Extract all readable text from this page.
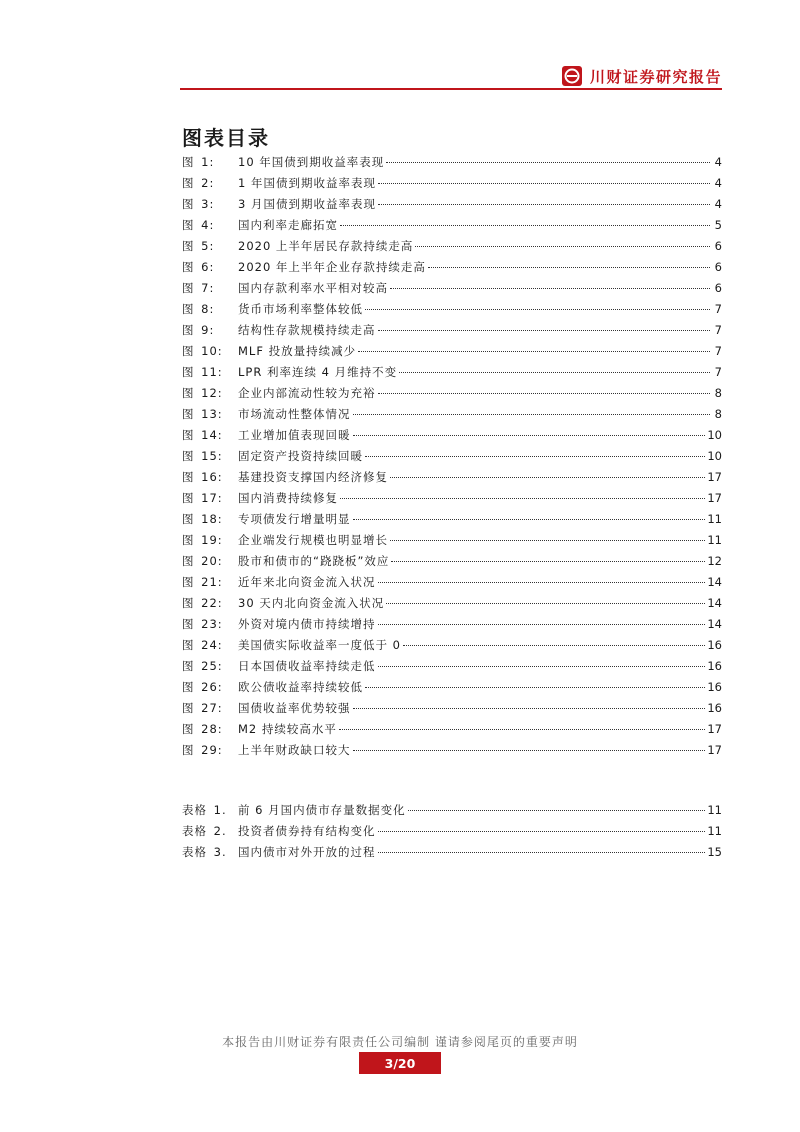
川财证券研究报告
图表目录
图 1:	10 年国债到期收益率表现	4
图 2:	1 年国债到期收益率表现	4
图 3:	3 月国债到期收益率表现	4
图 4:	国内利率走廊拓宽	5
图 5:	2020 上半年居民存款持续走高	6
图 6:	2020 年上半年企业存款持续走高	6
图 7:	国内存款利率水平相对较高	6
图 8:	货币市场利率整体较低	7
图 9:	结构性存款规模持续走高	7
图 10:	MLF 投放量持续减少	7
图 11:	LPR 利率连续 4 月维持不变	7
图 12:	企业内部流动性较为充裕	8
图 13:	市场流动性整体情况	8
图 14:	工业增加值表现回暖	10
图 15:	固定资产投资持续回暖	10
图 16:	基建投资支撑国内经济修复	17
图 17:	国内消费持续修复	17
图 18:	专项债发行增量明显	11
图 19:	企业端发行规模也明显增长	11
图 20:	股市和债市的“跷跷板”效应	12
图 21:	近年来北向资金流入状况	14
图 22:	30 天内北向资金流入状况	14
图 23:	外资对境内债市持续增持	14
图 24:	美国债实际收益率一度低于 0	16
图 25:	日本国债收益率持续走低	16
图 26:	欧公债收益率持续较低	16
图 27:	国债收益率优势较强	16
图 28:	M2 持续较高水平	17
图 29:	上半年财政缺口较大	17
表格 1. 前 6 月国内债市存量数据变化	11
表格 2. 投资者债券持有结构变化	11
表格 3. 国内债市对外开放的过程	15
本报告由川财证券有限责任公司编制 谨请参阅尾页的重要声明
3/20
